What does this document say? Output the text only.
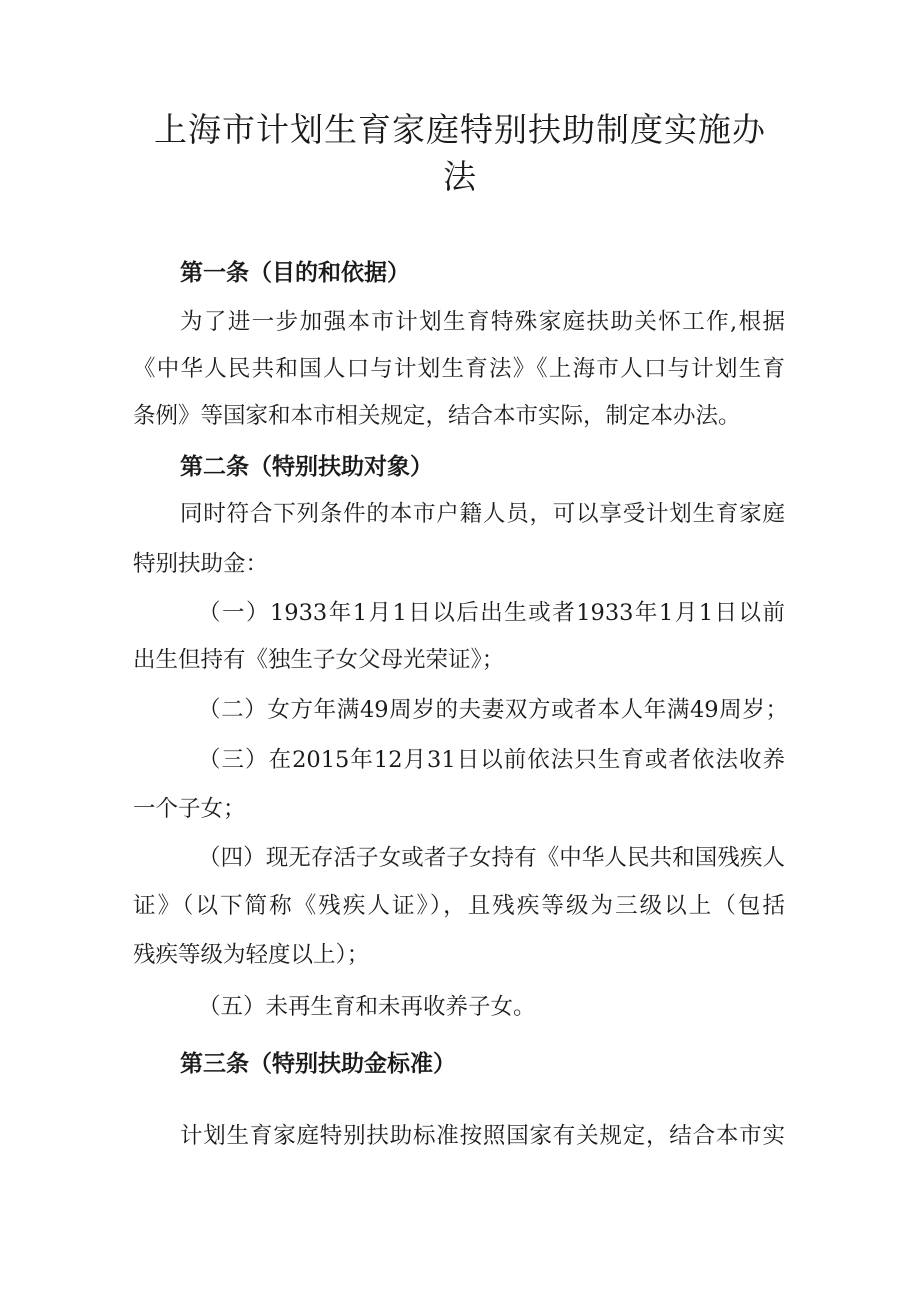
上海市计划生育家庭特别扶助制度实施办
法
第一条（目的和依据）
为了进一步加强本市计划生育特殊家庭扶助关怀工作,根据
《中华人民共和国人口与计划生育法》《上海市人口与计划生育
条例》等国家和本市相关规定，结合本市实际，制定本办法。
第二条（特别扶助对象）
同时符合下列条件的本市户籍人员，可以享受计划生育家庭
特别扶助金：
（一）1933年1月1日以后出生或者1933年1月1日以前
出生但持有《独生子女父母光荣证》；
（二）女方年满49周岁的夫妻双方或者本人年满49周岁；
（三）在2015年12月31日以前依法只生育或者依法收养
一个子女；
（四）现无存活子女或者子女持有《中华人民共和国残疾人
证》（以下简称《残疾人证》），且残疾等级为三级以上（包括
残疾等级为轻度以上）；
（五）未再生育和未再收养子女。
第三条（特别扶助金标准）
计划生育家庭特别扶助标准按照国家有关规定，结合本市实
